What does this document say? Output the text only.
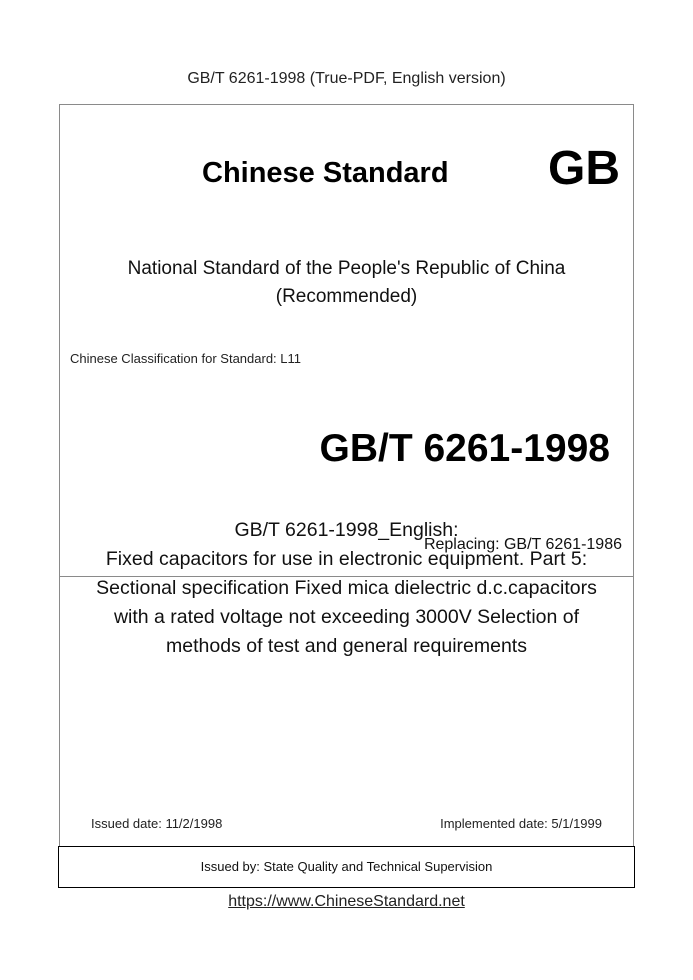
GB/T 6261-1998 (True-PDF, English version)
Chinese Standard GB
National Standard of the People's Republic of China
(Recommended)
Chinese Classification for Standard: L11
GB/T 6261-1998
Replacing: GB/T 6261-1986
GB/T 6261-1998_English:
Fixed capacitors for use in electronic equipment. Part 5:
Sectional specification Fixed mica dielectric d.c.capacitors
with a rated voltage not exceeding 3000V Selection of
methods of test and general requirements
Issued date: 11/2/1998	Implemented date: 5/1/1999
Issued by: State Quality and Technical Supervision
https://www.ChineseStandard.net
